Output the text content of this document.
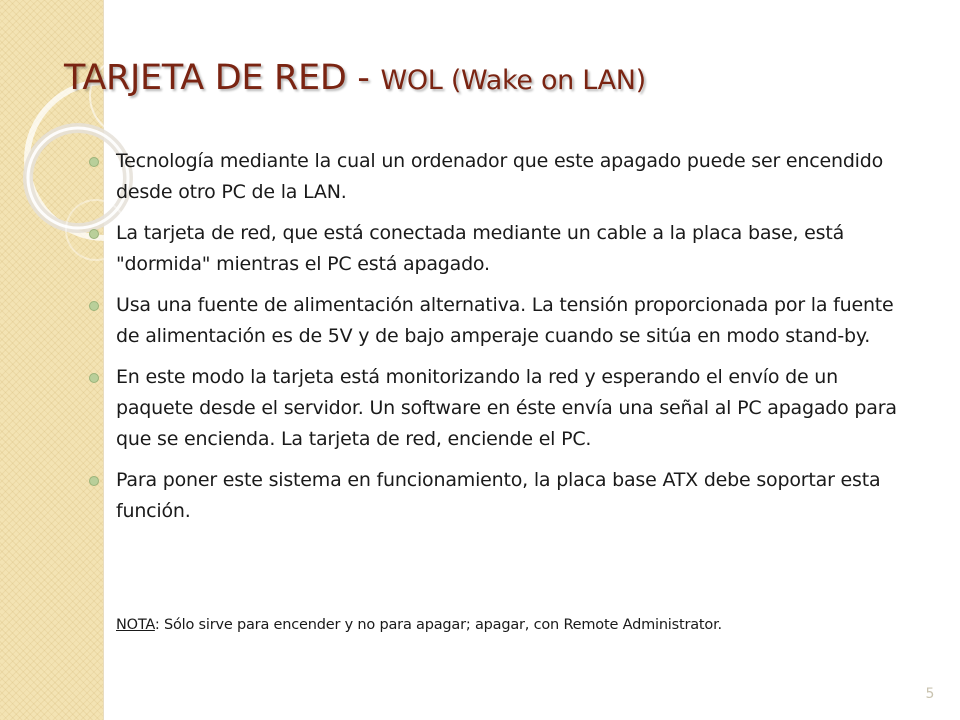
TARJETA DE RED - WOL (Wake on LAN)
Tecnología mediante la cual un ordenador que este apagado puede ser encendido desde otro PC de la LAN.
La tarjeta de red, que está conectada mediante un cable a la placa base, está "dormida" mientras el PC está apagado.
Usa una fuente de alimentación alternativa. La tensión proporcionada por la fuente de alimentación es de 5V y de bajo amperaje cuando se sitúa en modo stand-by.
En este modo la tarjeta está monitorizando la red y esperando el envío de un paquete desde el servidor. Un software en éste envía una señal al PC apagado para que se encienda. La tarjeta de red, enciende el PC.
Para poner este sistema en funcionamiento, la placa base ATX debe soportar esta función.
NOTA: Sólo sirve para encender y no para apagar; apagar, con Remote Administrator.
5
